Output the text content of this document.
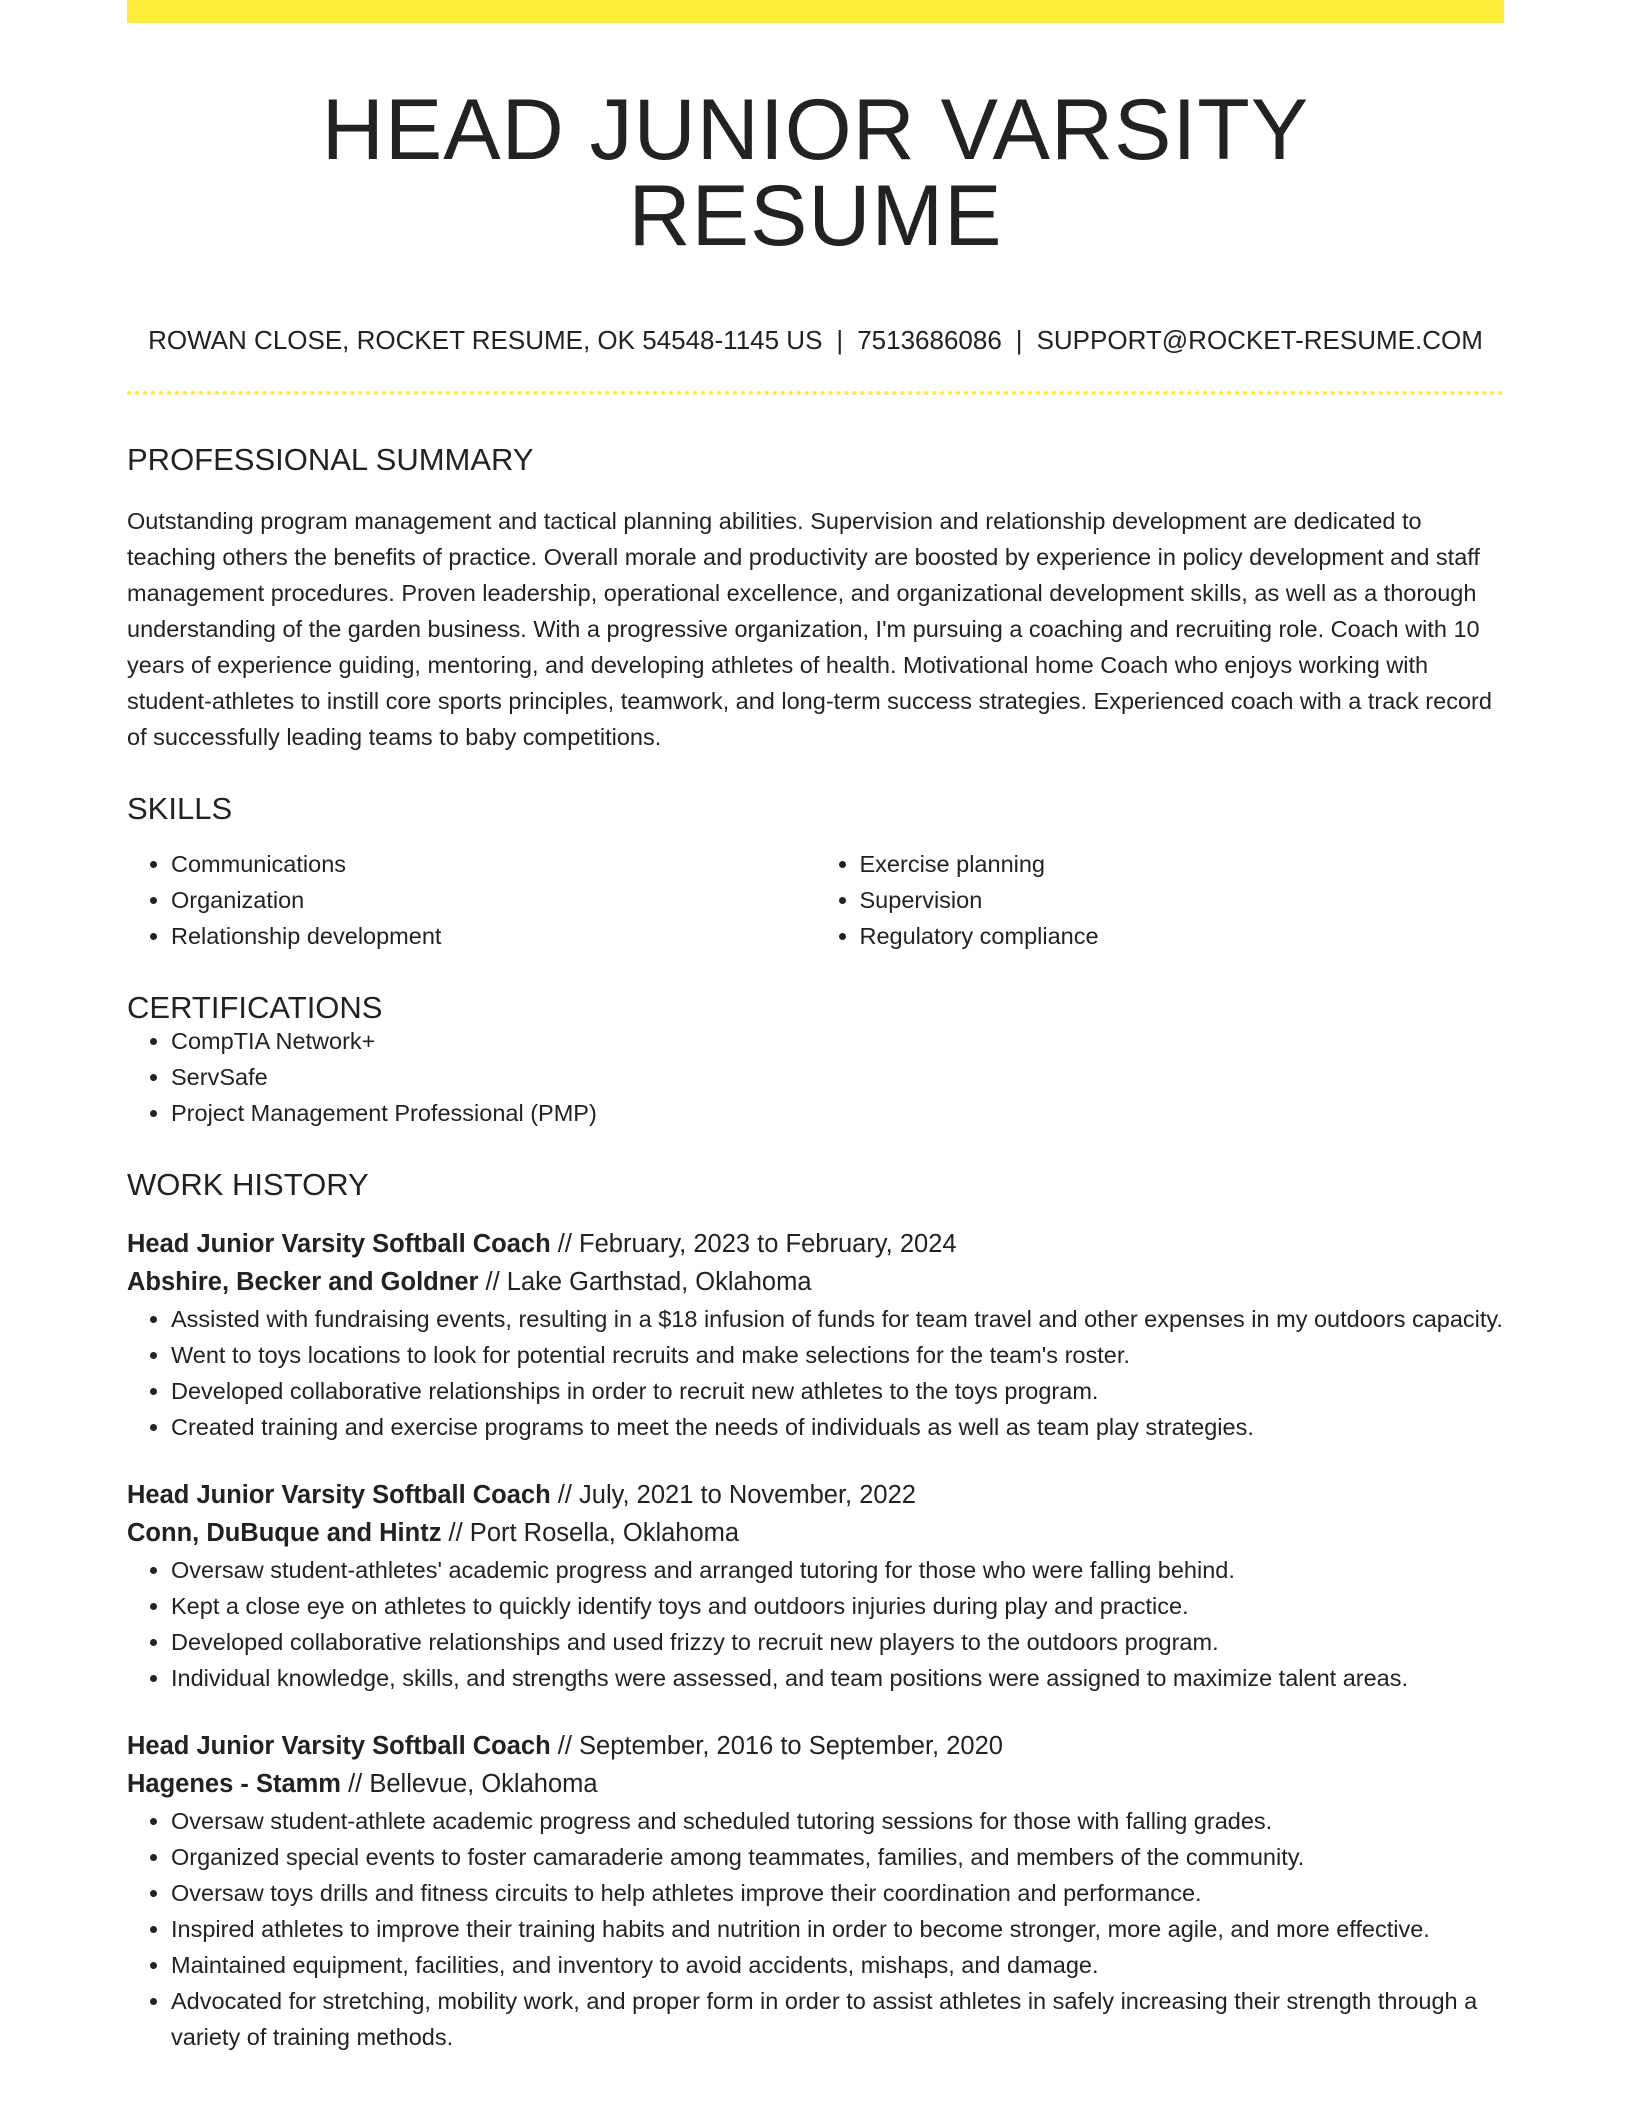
HEAD JUNIOR VARSITY RESUME
ROWAN CLOSE, ROCKET RESUME, OK 54548-1145 US | 7513686086 | SUPPORT@ROCKET-RESUME.COM
PROFESSIONAL SUMMARY

Outstanding program management and tactical planning abilities. Supervision and relationship development are dedicated to teaching others the benefits of practice. Overall morale and productivity are boosted by experience in policy development and staff management procedures. Proven leadership, operational excellence, and organizational development skills, as well as a thorough understanding of the garden business. With a progressive organization, I'm pursuing a coaching and recruiting role. Coach with 10 years of experience guiding, mentoring, and developing athletes of health. Motivational home Coach who enjoys working with student-athletes to instill core sports principles, teamwork, and long-term success strategies. Experienced coach with a track record of successfully leading teams to baby competitions.

SKILLS
• Communications
• Organization
• Relationship development
• Exercise planning
• Supervision
• Regulatory compliance
CERTIFICATIONS
• CompTIA Network+
• ServSafe
• Project Management Professional (PMP)
WORK HISTORY

Head Junior Varsity Softball Coach // February, 2023 to February, 2024

Abshire, Becker and Goldner // Lake Garthstad, Oklahoma

• Assisted with fundraising events, resulting in a $18 infusion of funds for team travel and other expenses in my outdoors capacity.
• Went to toys locations to look for potential recruits and make selections for the team's roster.
• Developed collaborative relationships in order to recruit new athletes to the toys program.
• Created training and exercise programs to meet the needs of individuals as well as team play strategies.

Head Junior Varsity Softball Coach // July, 2021 to November, 2022

Conn, DuBuque and Hintz // Port Rosella, Oklahoma

• Oversaw student-athletes' academic progress and arranged tutoring for those who were falling behind.
• Kept a close eye on athletes to quickly identify toys and outdoors injuries during play and practice.
• Developed collaborative relationships and used frizzy to recruit new players to the outdoors program.
• Individual knowledge, skills, and strengths were assessed, and team positions were assigned to maximize talent areas.

Head Junior Varsity Softball Coach // September, 2016 to September, 2020

Hagenes - Stamm // Bellevue, Oklahoma

• Oversaw student-athlete academic progress and scheduled tutoring sessions for those with falling grades.
• Organized special events to foster camaraderie among teammates, families, and members of the community.
• Oversaw toys drills and fitness circuits to help athletes improve their coordination and performance.
• Inspired athletes to improve their training habits and nutrition in order to become stronger, more agile, and more effective.
• Maintained equipment, facilities, and inventory to avoid accidents, mishaps, and damage.
• Advocated for stretching, mobility work, and proper form in order to assist athletes in safely increasing their strength through a variety of training methods.
